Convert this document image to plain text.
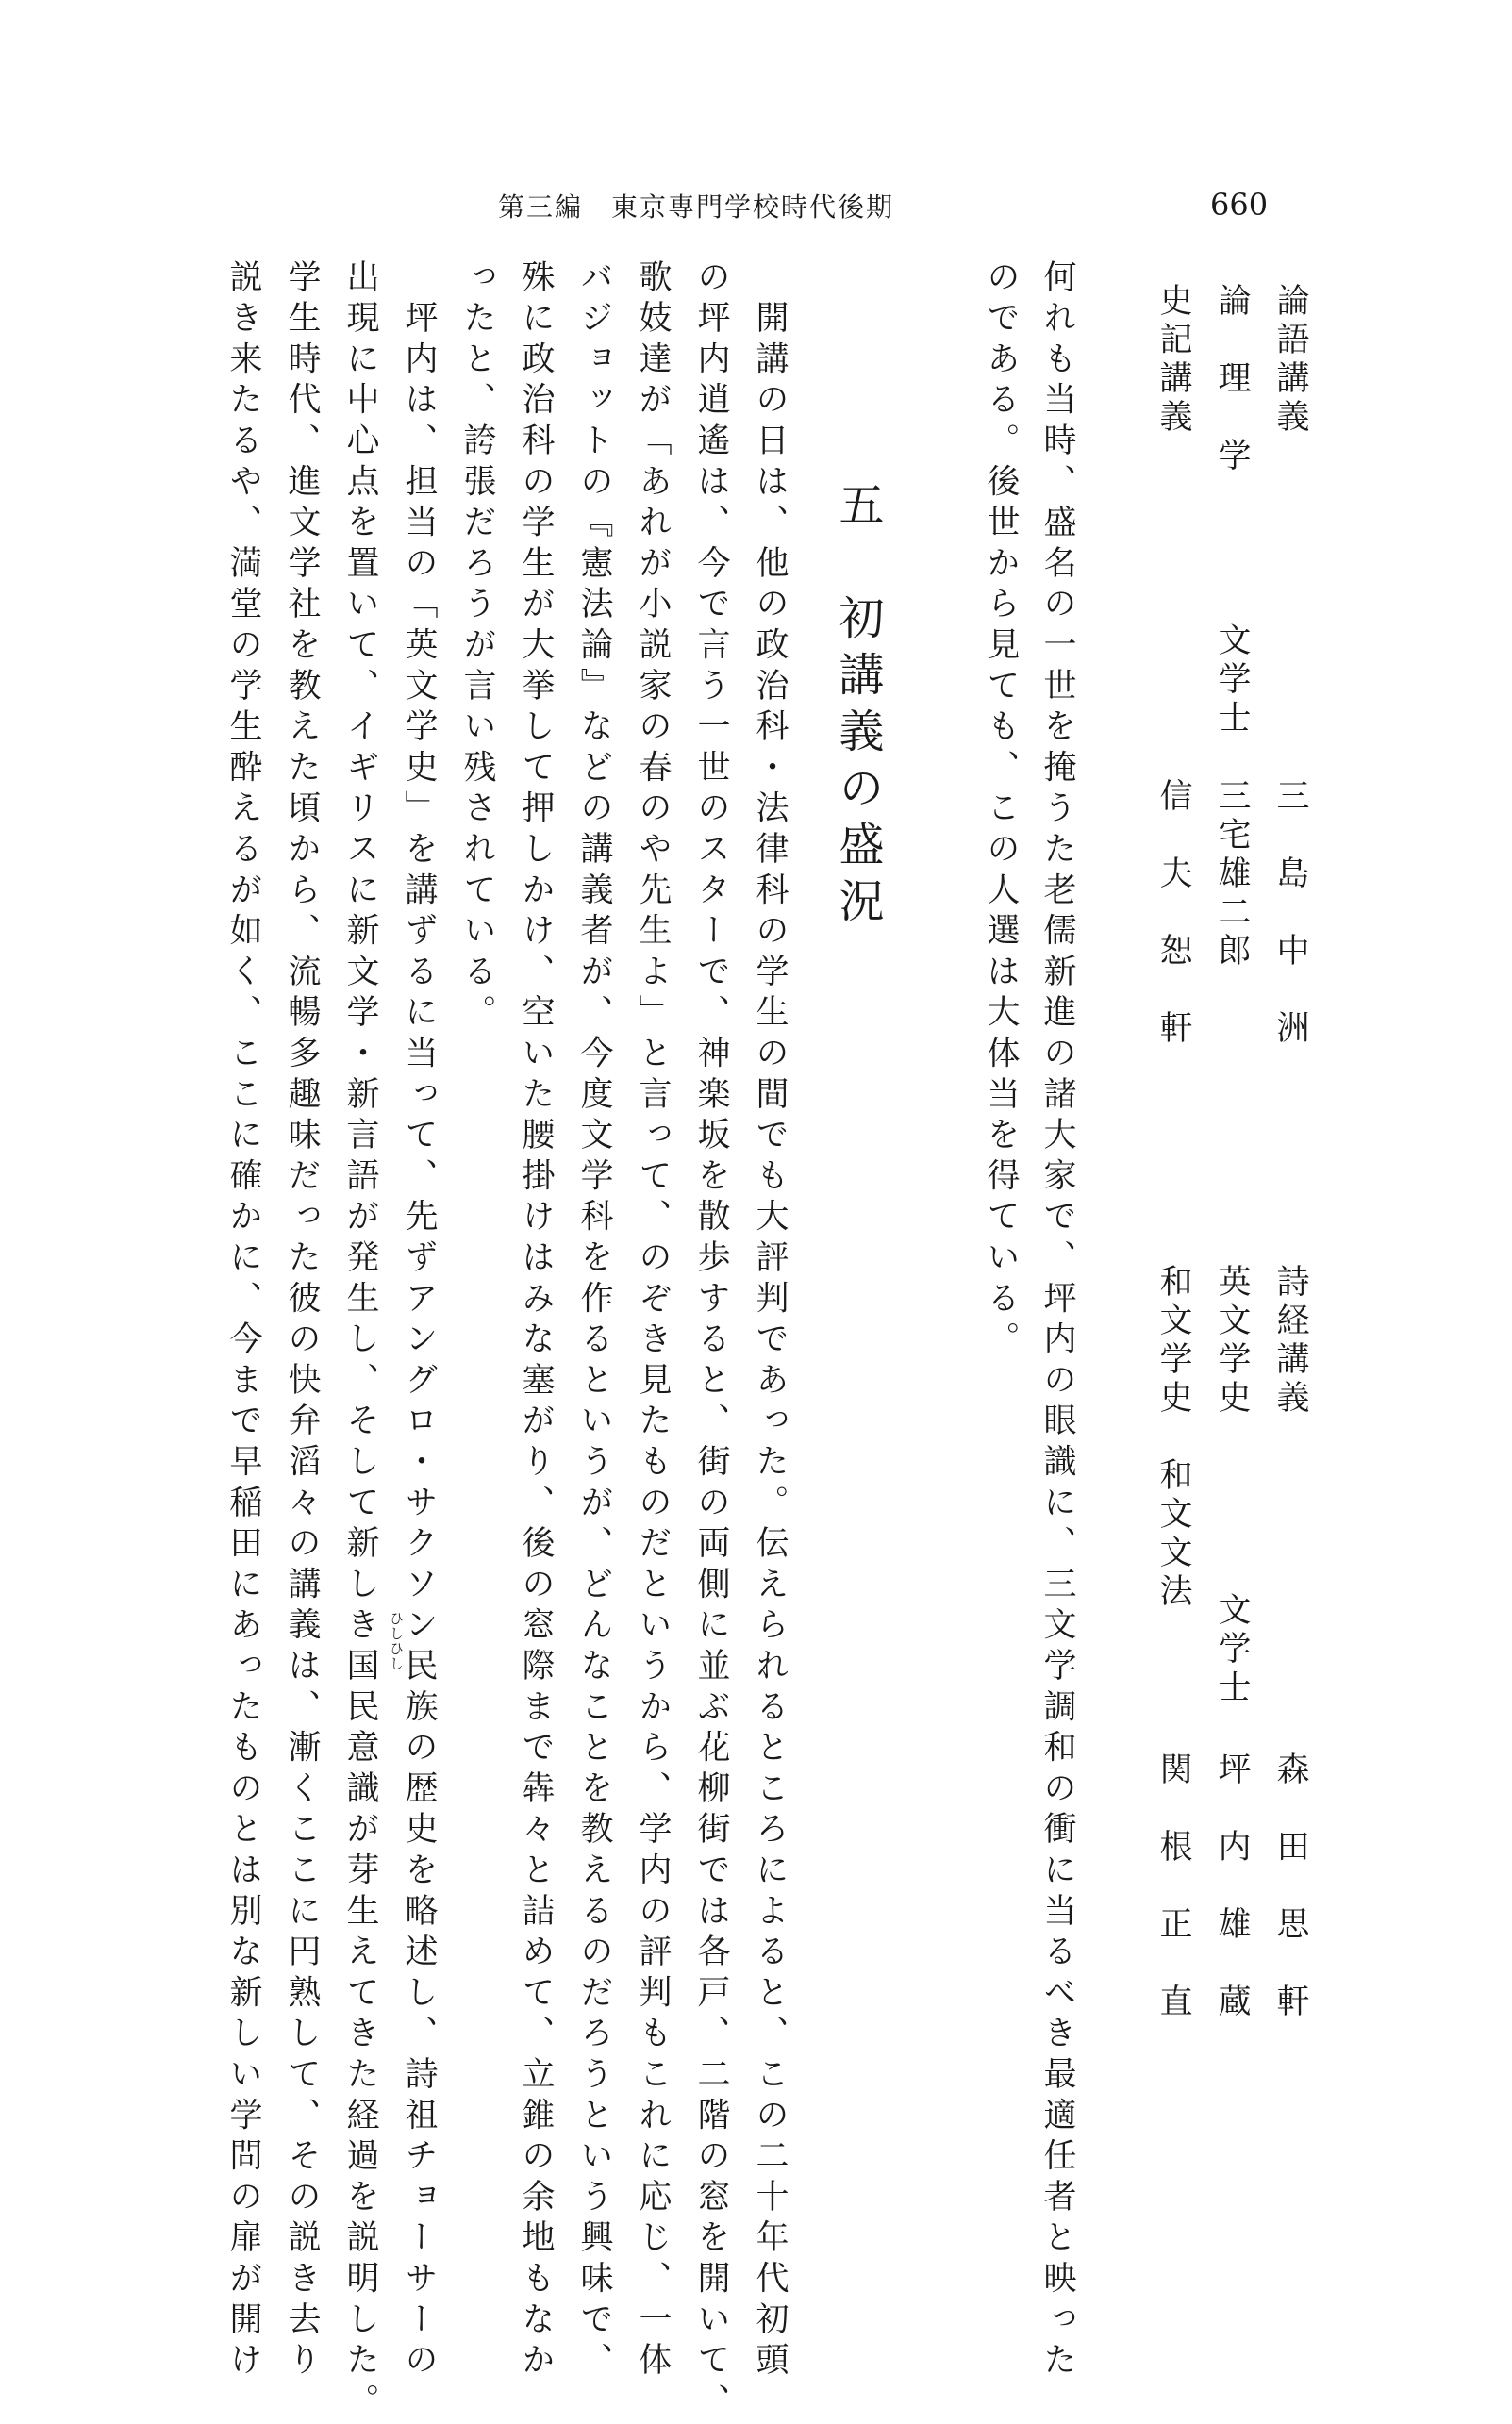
第三編　東京専門学校時代後期	660
論語講義
三　島　中　洲
詩経講義
森　田　思　軒
論　理　学
文学士
三宅雄二郎
英文学史
文学士
坪　内　雄　蔵
史記講義
信　夫　恕　軒
和文学史　和文文法
関　根　正　直
何れも当時、盛名の一世を掩うた老儒新進の諸大家で、坪内の眼識に、三文学調和の衝に当るべき最適任者と映った
のである。後世から見ても、この人選は大体当を得ている。
五　初講義の盛況
ひしひし	　開講の日は、他の政治科・法律科の学生の間でも大評判であった。伝えられるところによると、この二十年代初頭
の坪内逍遙は、今で言う一世のスターで、神楽坂を散歩すると、街の両側に並ぶ花柳街では各戸、二階の窓を開いて、
歌妓達が「あれが小説家の春のや先生よ」と言って、のぞき見たものだというから、学内の評判もこれに応じ、一体
バジョットの『憲法論』などの講義者が、今度文学科を作るというが、どんなことを教えるのだろうという興味で、
殊に政治科の学生が大挙して押しかけ、空いた腰掛けはみな塞がり、後の窓際まで犇々と詰めて、立錐の余地もなか
ったと、誇張だろうが言い残されている。
　坪内は、担当の「英文学史」を講ずるに当って、先ずアングロ・サクソン民族の歴史を略述し、詩祖チョーサーの
出現に中心点を置いて、イギリスに新文学・新言語が発生し、そして新しき国民意識が芽生えてきた経過を説明した。
学生時代、進文学社を教えた頃から、流暢多趣味だった彼の快弁滔々の講義は、漸くここに円熟して、その説き去り
説き来たるや、満堂の学生酔えるが如く、ここに確かに、今まで早稲田にあったものとは別な新しい学問の扉が開け
